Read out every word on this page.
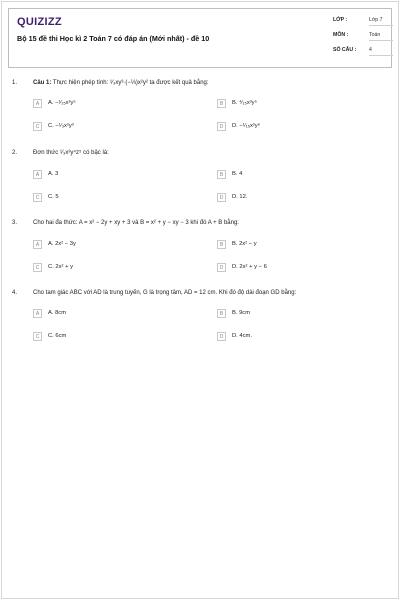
QUIZIZZ
Bộ 15 đề thi Học kì 2 Toán 7 có đáp án (Mới nhất) - đề 10
LỚP :	Lớp 7
MÔN :	Toán
SỐ CÂU : 4
1.	Câu 1: Thực hiện phép tính: ¹⁄₃xy³·(−⅓)x²y² ta được kết quả bằng:
A	A. −¹⁄₁₅x³y⁵	B	B. ⁴⁄₁₅x³y⁵
C	C. −¹⁄₃x²y³	D	D. −¹⁄₁₅x²y⁶
2.	Đơn thức ¹⁄₃x³y⁴z⁵ có bậc là:
A	A. 3	B	B. 4
C	C. 5	D	D. 12.
3.	Cho hai đa thức: A = x² − 2y + xy + 3 và B = x² + y − xy − 3 khi đó A + B bằng:
A	A. 2x² − 3y	B	B. 2x² − y
C	C. 2x² + y	D	D. 2x² + y − 6
4.	Cho tam giác ABC với AD là trung tuyến, G là trọng tâm, AD = 12 cm. Khi đó độ dài đoạn GD bằng:
A	A. 8cm	B	B. 9cm
C	C. 6cm	D	D. 4cm.
